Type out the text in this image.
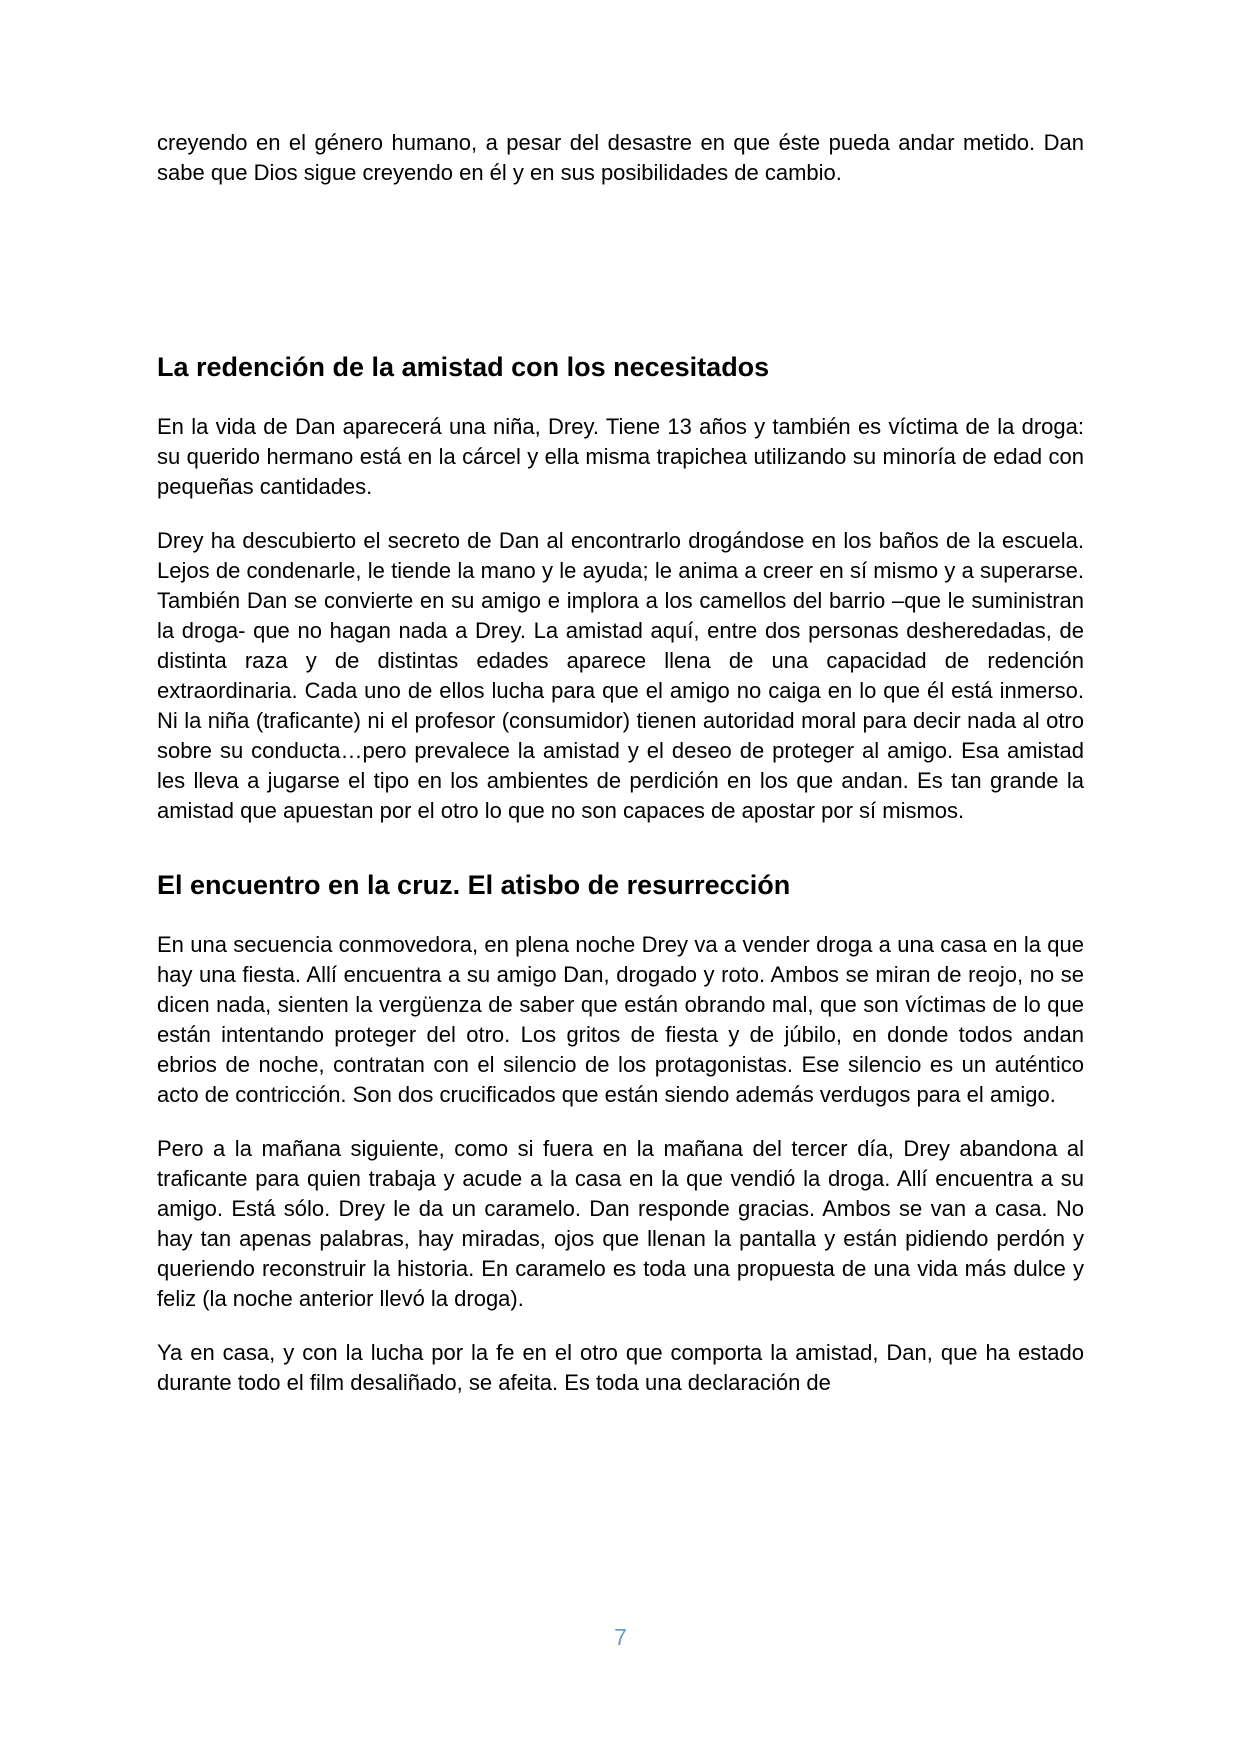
creyendo en el género humano, a pesar del desastre en que éste pueda andar metido. Dan sabe que Dios sigue creyendo en él y en sus posibilidades de cambio.

La redención de la amistad con los necesitados

En la vida de Dan aparecerá una niña, Drey. Tiene 13 años y también es víctima de la droga: su querido hermano está en la cárcel y ella misma trapichea utilizando su minoría de edad con pequeñas cantidades.

Drey ha descubierto el secreto de Dan al encontrarlo drogándose en los baños de la escuela. Lejos de condenarle, le tiende la mano y le ayuda; le anima a creer en sí mismo y a superarse. También Dan se convierte en su amigo e implora a los camellos del barrio –que le suministran la droga- que no hagan nada a Drey. La amistad aquí, entre dos personas desheredadas, de distinta raza y de distintas edades aparece llena de una capacidad de redención extraordinaria. Cada uno de ellos lucha para que el amigo no caiga en lo que él está inmerso. Ni la niña (traficante) ni el profesor (consumidor) tienen autoridad moral para decir nada al otro sobre su conducta…pero prevalece la amistad y el deseo de proteger al amigo. Esa amistad les lleva a jugarse el tipo en los ambientes de perdición en los que andan. Es tan grande la amistad que apuestan por el otro lo que no son capaces de apostar por sí mismos.

El encuentro en la cruz. El atisbo de resurrección

En una secuencia conmovedora, en plena noche Drey va a vender droga a una casa en la que hay una fiesta. Allí encuentra a su amigo Dan, drogado y roto. Ambos se miran de reojo, no se dicen nada, sienten la vergüenza de saber que están obrando mal, que son víctimas de lo que están intentando proteger del otro. Los gritos de fiesta y de júbilo, en donde todos andan ebrios de noche, contratan con el silencio de los protagonistas. Ese silencio es un auténtico acto de contricción. Son dos crucificados que están siendo además verdugos para el amigo.

Pero a la mañana siguiente, como si fuera en la mañana del tercer día, Drey abandona al traficante para quien trabaja y acude a la casa en la que vendió la droga. Allí encuentra a su amigo. Está sólo. Drey le da un caramelo. Dan responde gracias. Ambos se van a casa. No hay tan apenas palabras, hay miradas, ojos que llenan la pantalla y están pidiendo perdón y queriendo reconstruir la historia. En caramelo es toda una propuesta de una vida más dulce y feliz (la noche anterior llevó la droga).

Ya en casa, y con la lucha por la fe en el otro que comporta la amistad, Dan, que ha estado durante todo el film desaliñado, se afeita. Es toda una declaración de

7
